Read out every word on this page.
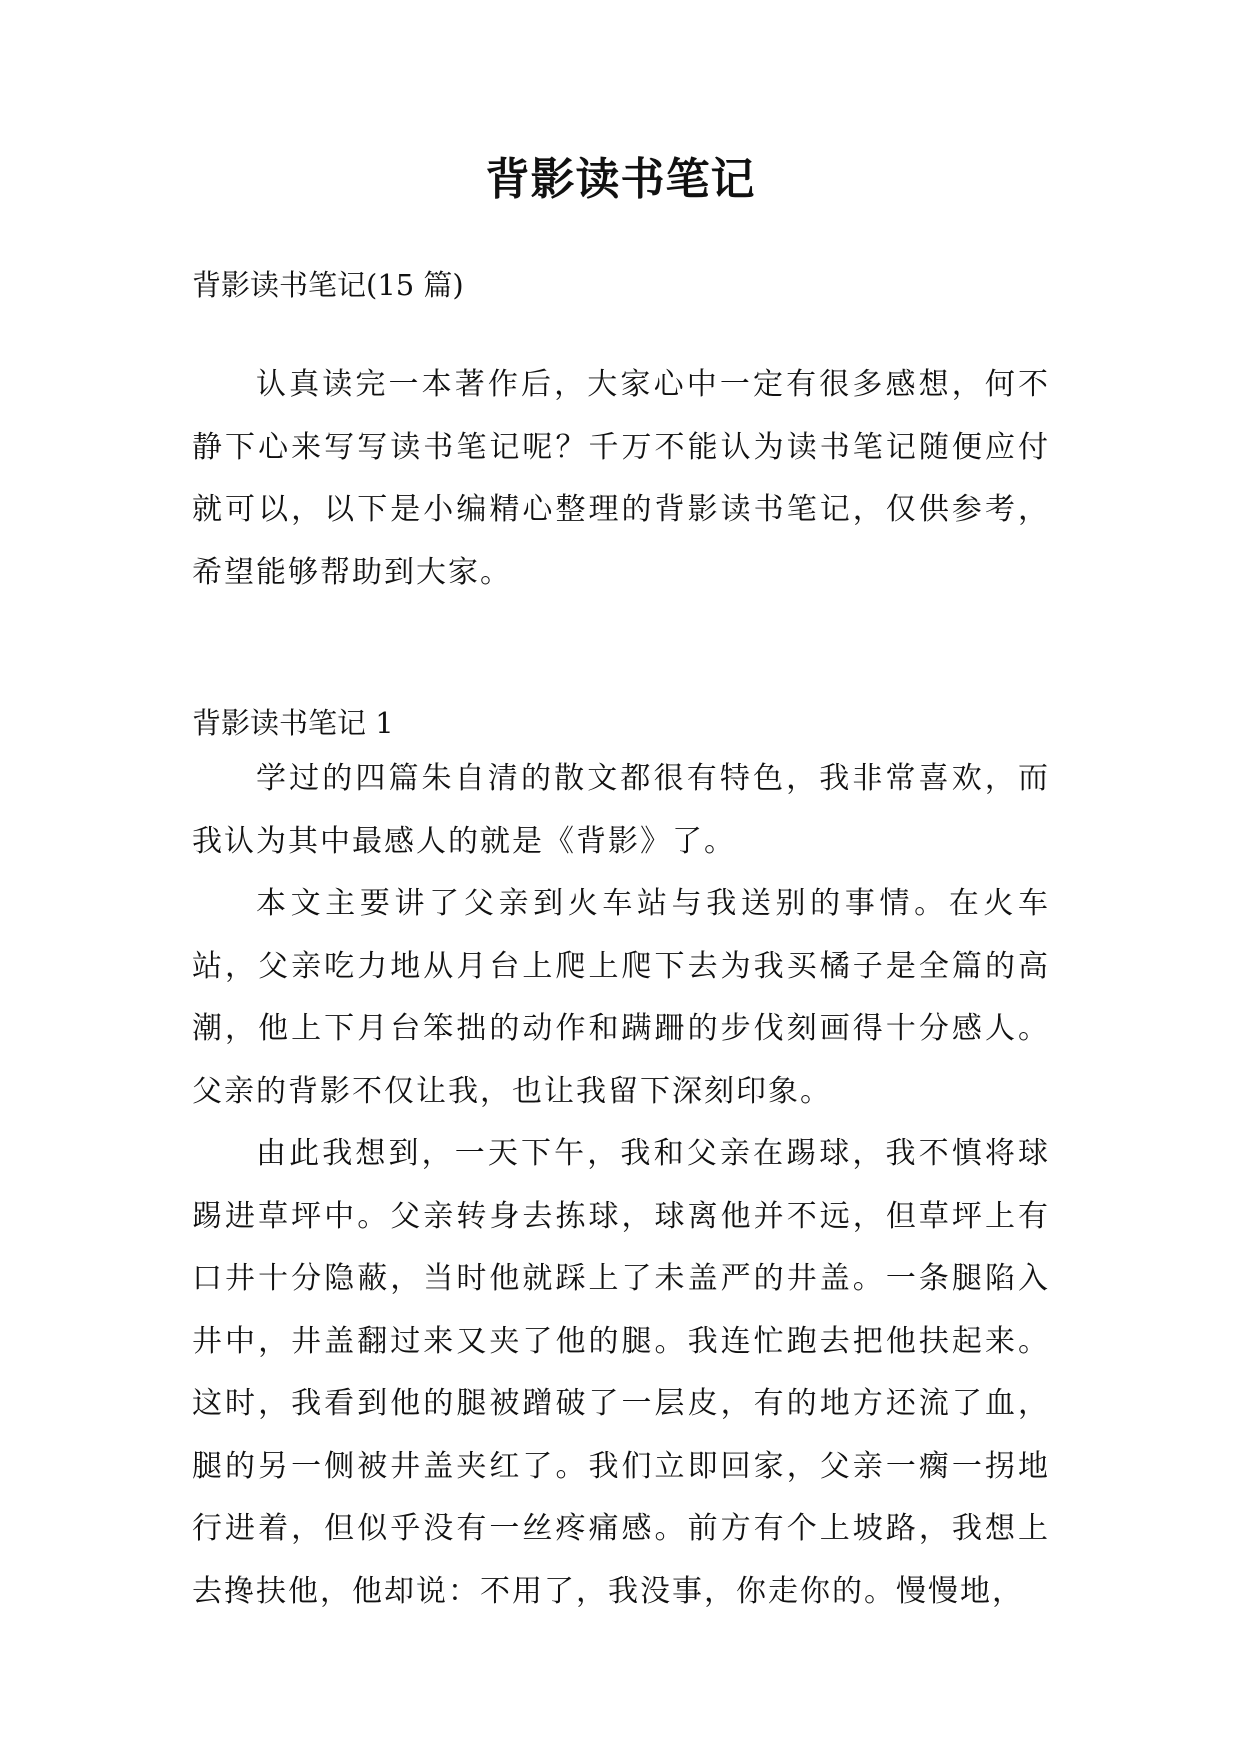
背影读书笔记

背影读书笔记(15 篇)

认真读完一本著作后，大家心中一定有很多感想，何不静下心来写写读书笔记呢？千万不能认为读书笔记随便应付就可以，以下是小编精心整理的背影读书笔记，仅供参考，希望能够帮助到大家。

背影读书笔记 1

学过的四篇朱自清的散文都很有特色，我非常喜欢，而我认为其中最感人的就是《背影》了。

本文主要讲了父亲到火车站与我送别的事情。在火车站，父亲吃力地从月台上爬上爬下去为我买橘子是全篇的高潮，他上下月台笨拙的动作和蹒跚的步伐刻画得十分感人。父亲的背影不仅让我，也让我留下深刻印象。

由此我想到，一天下午，我和父亲在踢球，我不慎将球踢进草坪中。父亲转身去拣球，球离他并不远，但草坪上有口井十分隐蔽，当时他就踩上了未盖严的井盖。一条腿陷入井中，井盖翻过来又夹了他的腿。我连忙跑去把他扶起来。这时，我看到他的腿被蹭破了一层皮，有的地方还流了血，腿的另一侧被井盖夹红了。我们立即回家，父亲一瘸一拐地行进着，但似乎没有一丝疼痛感。前方有个上坡路，我想上去搀扶他，他却说：不用了，我没事，你走你的。慢慢地，
